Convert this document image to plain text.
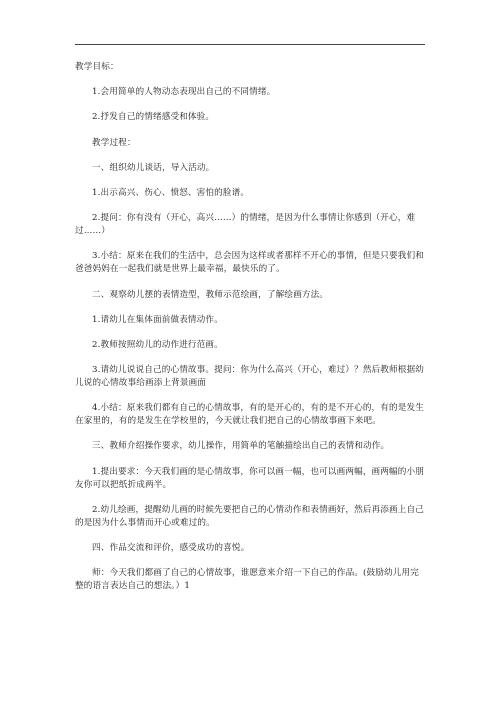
教学目标：

1.会用简单的人物动态表现出自己的不同情绪。

2.抒发自己的情绪感受和体验。

教学过程：

一、组织幼儿谈话，导入活动。

1.出示高兴、伤心、愤怒、害怕的脸谱。

2.提问：你有没有（开心，高兴……）的情绪，是因为什么事情让你感到（开心，难过……）

3.小结：原来在我们的生活中，总会因为这样或者那样不开心的事情，但是只要我们和爸爸妈妈在一起我们就是世界上最幸福，最快乐的了。

二、观察幼儿摆的表情造型，教师示范绘画，了解绘画方法。

1.请幼儿在集体面前做表情动作。

2.教师按照幼儿的动作进行范画。

3.请幼儿说说自己的心情故事。提问：你为什么高兴（开心，难过）？然后教师根据幼儿说的心情故事给画添上背景画面

4.小结：原来我们都有自己的心情故事，有的是开心的，有的是不开心的，有的是发生在家里的，有的是发生在学校里的，今天就让我们把自己的心情故事画下来吧。

三、教师介绍操作要求，幼儿操作，用简单的笔触描绘出自己的表情和动作。

1.提出要求：今天我们画的是心情故事，你可以画一幅，也可以画两幅，画两幅的小朋友你可以把纸折成两半。

2.幼儿绘画，提醒幼儿画的时候先要把自己的心情动作和表情画好，然后再添画上自己的是因为什么事情而开心或难过的。

四、作品交流和评价，感受成功的喜悦。

师：今天我们都画了自己的心情故事，谁愿意来介绍一下自己的作品。(鼓励幼儿用完整的语言表达自己的想法。）1
